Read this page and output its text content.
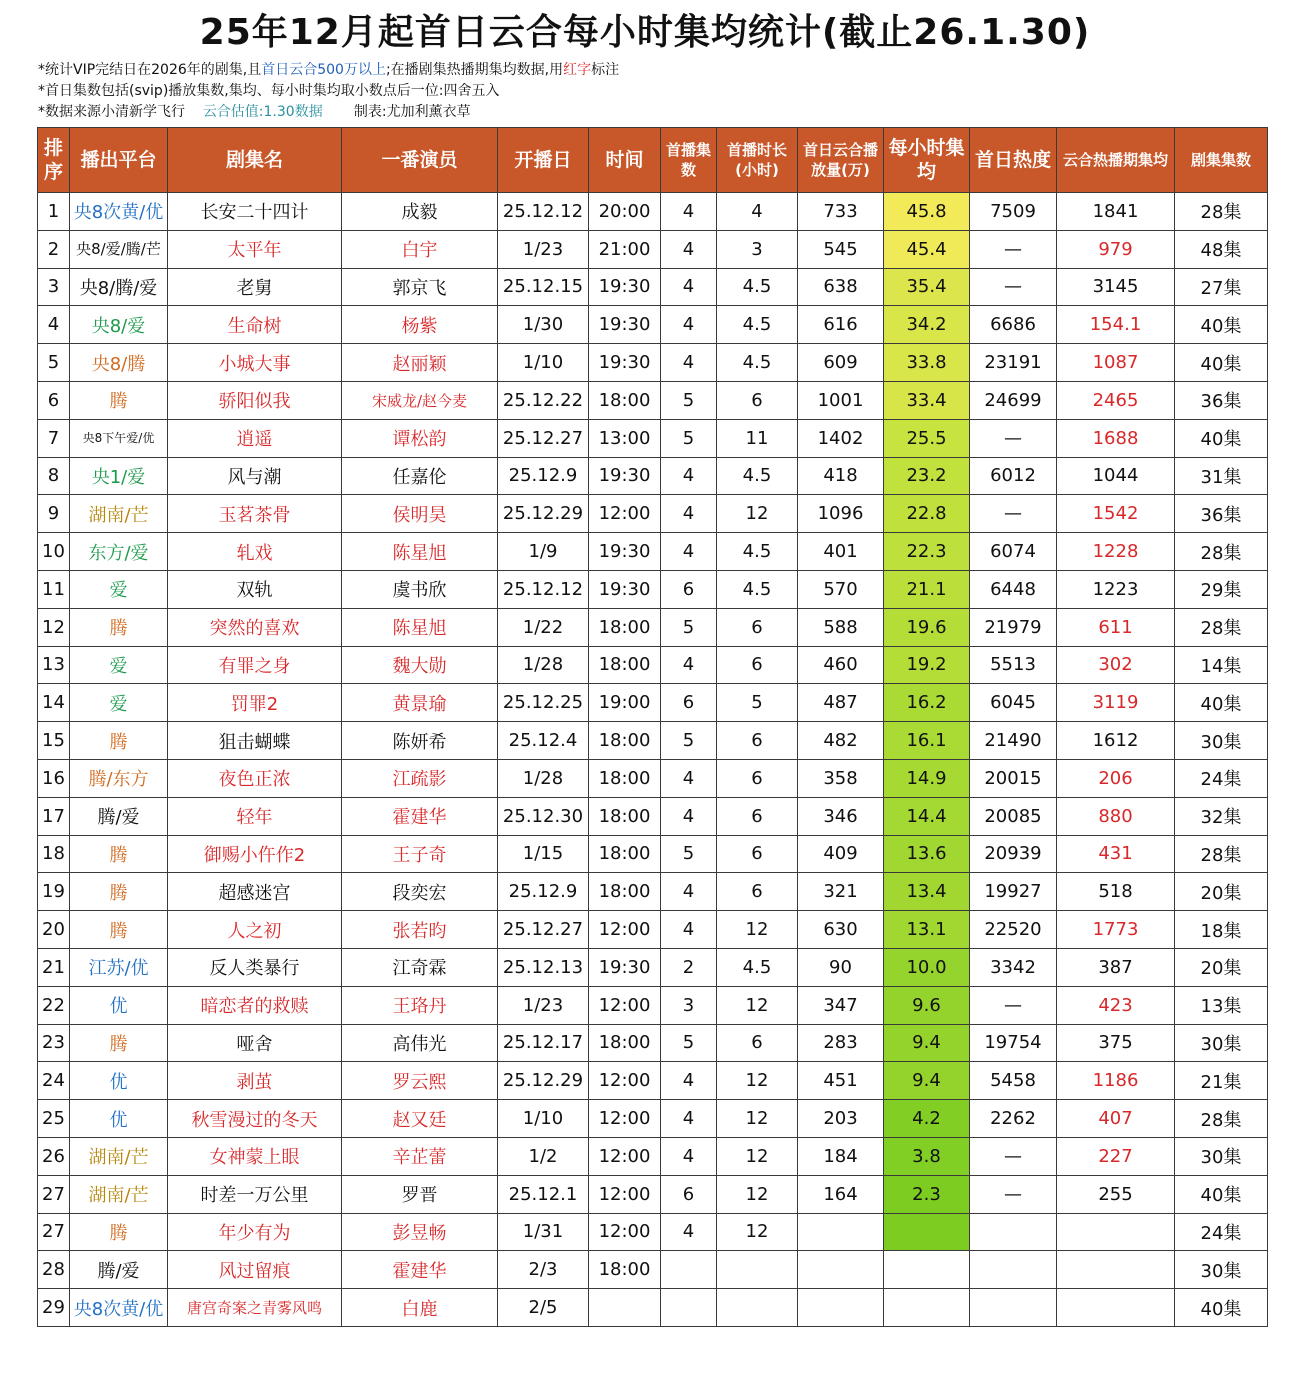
25年12月起首日云合每小时集均统计(截止26.1.30)
*统计VIP完结日在2026年的剧集,且首日云合500万以上;在播剧集热播期集均数据,用红字标注
*首日集数包括(svip)播放集数,集均、每小时集均取小数点后一位:四舍五入
*数据来源小清新学飞行 云合估值:1.30数据 制表:尤加利薰衣草
排序	播出平台	剧集名	一番演员	开播日	时间	首播集数	首播时长(小时)	首日云合播放量(万)	每小时集均	首日热度	云合热播期集均	剧集集数
1	央8次黄/优	长安二十四计	成毅	25.12.12	20:00	4	4	733	45.8	7509	1841	28集
2	央8/爱/腾/芒	太平年	白宇	1/23	21:00	4	3	545	45.4	—	979	48集
3	央8/腾/爱	老舅	郭京飞	25.12.15	19:30	4	4.5	638	35.4	—	3145	27集
4	央8/爱	生命树	杨紫	1/30	19:30	4	4.5	616	34.2	6686	154.1	40集
5	央8/腾	小城大事	赵丽颖	1/10	19:30	4	4.5	609	33.8	23191	1087	40集
6	腾	骄阳似我	宋威龙/赵今麦	25.12.22	18:00	5	6	1001	33.4	24699	2465	36集
7	央8下午爱/优	逍遥	谭松韵	25.12.27	13:00	5	11	1402	25.5	—	1688	40集
8	央1/爱	风与潮	任嘉伦	25.12.9	19:30	4	4.5	418	23.2	6012	1044	31集
9	湖南/芒	玉茗茶骨	侯明昊	25.12.29	12:00	4	12	1096	22.8	—	1542	36集
10	东方/爱	轧戏	陈星旭	1/9	19:30	4	4.5	401	22.3	6074	1228	28集
11	爱	双轨	虞书欣	25.12.12	19:30	6	4.5	570	21.1	6448	1223	29集
12	腾	突然的喜欢	陈星旭	1/22	18:00	5	6	588	19.6	21979	611	28集
13	爱	有罪之身	魏大勋	1/28	18:00	4	6	460	19.2	5513	302	14集
14	爱	罚罪2	黄景瑜	25.12.25	19:00	6	5	487	16.2	6045	3119	40集
15	腾	狙击蝴蝶	陈妍希	25.12.4	18:00	5	6	482	16.1	21490	1612	30集
16	腾/东方	夜色正浓	江疏影	1/28	18:00	4	6	358	14.9	20015	206	24集
17	腾/爱	轻年	霍建华	25.12.30	18:00	4	6	346	14.4	20085	880	32集
18	腾	御赐小仵作2	王子奇	1/15	18:00	5	6	409	13.6	20939	431	28集
19	腾	超感迷宫	段奕宏	25.12.9	18:00	4	6	321	13.4	19927	518	20集
20	腾	人之初	张若昀	25.12.27	12:00	4	12	630	13.1	22520	1773	18集
21	江苏/优	反人类暴行	江奇霖	25.12.13	19:30	2	4.5	90	10.0	3342	387	20集
22	优	暗恋者的救赎	王珞丹	1/23	12:00	3	12	347	9.6	—	423	13集
23	腾	哑舍	高伟光	25.12.17	18:00	5	6	283	9.4	19754	375	30集
24	优	剥茧	罗云熙	25.12.29	12:00	4	12	451	9.4	5458	1186	21集
25	优	秋雪漫过的冬天	赵又廷	1/10	12:00	4	12	203	4.2	2262	407	28集
26	湖南/芒	女神蒙上眼	辛芷蕾	1/2	12:00	4	12	184	3.8	—	227	30集
27	湖南/芒	时差一万公里	罗晋	25.12.1	12:00	6	12	164	2.3	—	255	40集
27	腾	年少有为	彭昱畅	1/31	12:00	4	12					24集
28	腾/爱	风过留痕	霍建华	2/3	18:00							30集
29	央8次黄/优	唐宫奇案之青雾风鸣	白鹿	2/5								40集
